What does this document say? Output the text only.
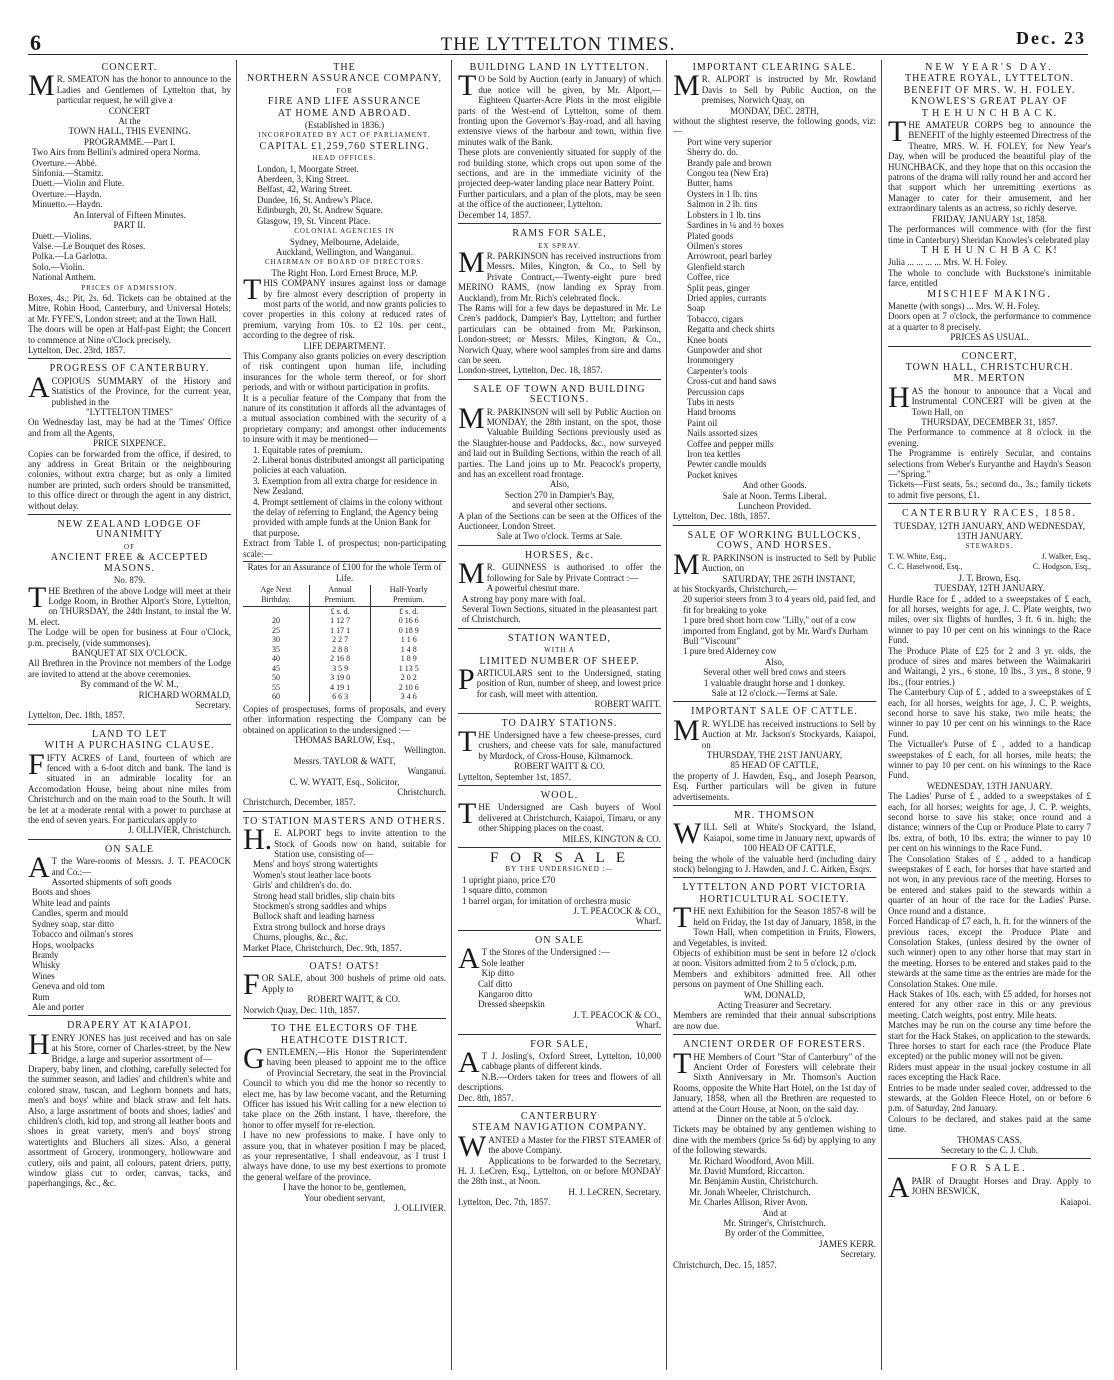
6	THE LYTTELTON TIMES.	Dec. 23
CONCERT.

MR. SMEATON has the honor to announce to the Ladies and Gentlemen of Lyttelton that, by particular request, he will give a

CONCERT
At the
TOWN HALL, THIS EVENING.
PROGRAMME.—Part I.
Two Airs from Bellini's admired opera Norma.
Overture.—Abbé.
Sinfonia.—Stamitz.
Duett.—Violin and Flute.
Overture.—Haydn.
Minuetto.—Haydn.
An Interval of Fifteen Minutes.
PART II.
Duett.—Violins.
Valse.—Le Bouquet des Roses.
Polka.—La Garlotta.
Solo.—Violin.
National Anthem.
PRICES OF ADMISSION.

Boxes, 4s.; Pit, 2s. 6d. Tickets can be obtained at the Mitre, Robin Hood, Canterbury, and Universal Hotels; at Mr. FYFE'S, London street; and at the Town Hall.

The doors will be open at Half-past Eight; the Concert to commence at Nine o'Clock precisely.

Lyttelton, Dec. 23rd, 1857.
PROGRESS OF CANTERBURY.

ACOPIOUS SUMMARY of the History and Statistics of the Province, for the current year, published in the

"LYTTELTON TIMES"

On Wednesday last, may be had at the 'Times' Office and from all the Agents,

PRICE SIXPENCE.

Copies can be forwarded from the office, if desired, to any address in Great Britain or the neighbouring colonies, without extra charge; but as only a limited number are printed, such orders should be transmitted, to this office direct or through the agent in any district, without delay.

NEW ZEALAND LODGE OF UNANIMITY
OF
ANCIENT FREE & ACCEPTED MASONS.
No. 879.

THE Brethren of the above Lodge will meet at their Lodge Room, in Brother Alport's Store, Lyttelton, on THURSDAY, the 24th Instant, to instal the W. M. elect.

The Lodge will be open for business at Four o'Clock, p.m. precisely, (vide summonses).

BANQUET AT SIX O'CLOCK.

All Brethren in the Province not members of the Lodge are invited to attend at the above ceremonies.

By command of the W. M.,
RICHARD WORMALD,
Secretary.
Lyttelton, Dec. 18th, 1857.
LAND TO LET
WITH A PURCHASING CLAUSE.

FIFTY ACRES of Land, fourteen of which are fenced with a 6-foot ditch and bank. The land is situated in an admirable locality for an Accomodation House, being about nine miles from Christchurch and on the main road to the South. It will be let at a moderate rental with a power to purchase at the end of seven years. For particulars apply to

J. OLLIVIER, Christchurch.
ON SALE

AT the Ware-rooms of Messrs. J. T. PEACOCK and Co.:—

Assorted shipments of soft goods
Boots and shoes
White lead and paints
Candles, sperm and mould
Sydney soap, star ditto
Tobacco and oilman's stores
Hops, woolpacks
Brandy
Whisky
Wines
Geneva and old tom
Rum
Ale and porter
DRAPERY AT KAIAPOI.

HENRY JONES has just received and has on sale at his Store, corner of Charles-street, by the New Bridge, a large and superior assortment of—

Drapery, baby linen, and clothing, carefully selected for the summer season, and ladies' and children's white and colored straw, tuscan, and Leghorn bonnets and hats, men's and boys' white and black straw and felt hats. Also, a large assortment of boots and shoes, ladies' and children's cloth, kid top, and strong all leather boots and shoes in great variety, men's and boys' strong watertights and Bluchers all sizes. Also, a general assortment of Grocery, ironmongery, hollowware and cutlery, oils and paint, all colours, patent driers, putty, window glass cut to order, canvas, tacks, and paperhangings, &c., &c.

THE
NORTHERN ASSURANCE COMPANY,
FOR
FIRE AND LIFE ASSURANCE
AT HOME AND ABROAD.
(Established in 1836.)
INCORPORATED BY ACT OF PARLIAMENT.
CAPITAL £1,259,760 STERLING.
HEAD OFFICES.
London, 1, Moorgate Street.
Aberdeen, 3, King Street.
Belfast, 42, Waring Street.
Dundee, 16, St. Andrew's Place.
Edinburgh, 20, St. Andrew Square.
Glasgow, 19, St. Vincent Place.
COLONIAL AGENCIES IN
Sydney, Melbourne, Adelaide,
Auckland, Wellington, and Wanganui.
CHAIRMAN OF BOARD OF DIRECTORS.
The Right Hon. Lord Ernest Bruce, M.P.

THIS COMPANY insures against loss or damage by fire almost every description of property in most parts of the world, and now grants policies to cover properties in this colony at reduced rates of premium, varying from 10s. to £2 10s. per cent., according to the degree of risk.

LIFE DEPARTMENT.

This Company also grants policies on every description of risk contingent upon human life, including insurances for the whole term thereof, or for short periods, and with or without participation in profits.

It is a peculiar feature of the Company that from the nature of its constitution it affords all the advantages of a mutual association combined with the security of a proprietary company; and amongst other inducements to insure with it may be mentioned—

1. Equitable rates of premium.
2. Liberal bonus distributed amongst all participating policies at each valuation.
3. Exemption from all extra charge for residence in New Zealand.
4. Prompt settlement of claims in the colony without the delay of referring to England, the Agency being provided with ample funds at the Union Bank for that purpose.

Extract from Table I. of prospectus; non-participating scale:—

Rates for an Assurance of £100 for the whole Term of Life.
Age Next Birthday.	Annual Premium.	Half-Yearly Premium.
	£ s. d.	£ s. d.
20	1 12 7	0 16 6
25	1 17 1	0 18 9
30	2 2 7	1 1 6
35	2 8 8	1 4 8
40	2 16 8	1 8 9
45	3 5 9	1 13 5
50	3 19 0	2 0 2
55	4 19 1	2 10 6
60	6 6 3	3 4 6

Copies of prospectuses, forms of proposals, and every other information respecting the Company can be obtained on application to the undersigned :—

THOMAS BARLOW, Esq.,
Wellington.
Messrs. TAYLOR & WATT,
Wanganui.
C. W. WYATT, Esq., Solicitor,
Christchurch.
Christchurch, December, 1857.
TO STATION MASTERS AND OTHERS.

H.E. ALPORT begs to invite attention to the Stock of Goods now on hand, suitable for Station use, consisting of—

Mens' and boys' strong watertights
Women's stout leather lace boots
Girls' and children's do. do.
Strong head stall bridles, slip chain bits
Stockmen's strong saddles and whips
Bullock shaft and leading harness
Extra strong bullock and horse drays
Churns, ploughs, &c., &c.
Market Place, Christchurch, Dec. 9th, 1857.
OATS! OATS!

FOR SALE, about 300 bushels of prime old oats. Apply to

ROBERT WAITT, & CO.
Norwich Quay, Dec. 11th, 1857.
TO THE ELECTORS OF THE
HEATHCOTE DISTRICT.

GENTLEMEN,—His Honor the Superintendent having been pleased to appoint me to the office of Provincial Secretary, the seat in the Provincial Council to which you did me the honor so recently to elect me, has by law become vacant, and the Returning Officer has issued his Writ calling for a new election to take place on the 26th instant. I have, therefore, the honor to offer myself for re-election.

I have no new professions to make. I have only to assure you, that in whatever position I may be placed, as your representative, I shall endeavour, as I trust I always have done, to use my best exertions to promote the general welfare of the province.

I have the honor to be, gentlemen,
Your obedient servant,
J. OLLIVIER.
BUILDING LAND IN LYTTELTON.

TO be Sold by Auction (early in January) of which due notice will be given, by Mr. Alport,—Eighteen Quarter-Acre Plots in the most eligible parts of the West-end of Lyttelton, some of them fronting upon the Governor's Bay-road, and all having extensive views of the harbour and town, within five minutes walk of the Bank.

These plots are conveniently situated for supply of the rod building stone, which crops out upon some of the sections, and are in the immediate vicinity of the projected deep-water landing place near Battery Point.

Further particulars, and a plan of the plots, may be seen at the office of the auctioneer, Lyttelton.

December 14, 1857.
RAMS FOR SALE,
EX SPRAY.

MR. PARKINSON has received instructions from Messrs. Miles, Kington, & Co., to Sell by Private Contract,—Twenty-eight pure bred MERINO RAMS, (now landing ex Spray from Auckland), from Mr. Rich's celebrated flock.

The Rams will for a few days be depastured in Mr. Le Cren's paddock, Dampier's Bay, Lyttelton; and further particulars can be obtained from Mr. Parkinson, London-street; or Messrs. Miles, Kington, & Co., Norwich Quay, where wool samples from sire and dams can be seen.

London-street, Lyttelton, Dec. 18, 1857.
SALE OF TOWN AND BUILDING SECTIONS.

MR. PARKINSON will sell by Public Auction on MONDAY, the 28th instant, on the spot, those Valuable Building Sections previously used as the Slaughter-house and Paddocks, &c., now surveyed and laid out in Building Sections, within the reach of all parties. The Land joins up to Mr. Peacock's property, and has an excellent road frontage.

Also,
Section 270 in Dampier's Bay,
and several other sections.

A plan of the Sections can be seen at the Offices of the Auctioneer, London Street.

Sale at Two o'clock. Terms at Sale.
HORSES, &c.

MR. GUINNESS is authorised to offer the following for Sale by Private Contract :—

A powerful chesnut mare.
A strong bay pony mare with foal.
Several Town Sections, situated in the pleasantest part of Christchurch.
STATION WANTED,
WITH A
LIMITED NUMBER OF SHEEP.

PARTICULARS sent to the Undersigned, stating position of Run, number of sheep, and lowest price for cash, will meet with attention.

ROBERT WAITT.
TO DAIRY STATIONS.

THE Undersigned have a few cheese-presses, curd crushers, and cheese vats for sale, manufactured by Murdock, of Cross-House, Kilmarnock.

ROBERT WAITT & CO.
Lyttelton, September 1st, 1857.
WOOL.

THE Undersigned are Cash buyers of Wool delivered at Christchurch, Kaiapoi, Timaru, or any other Shipping places on the coast.

MILES, KINGTON & CO.
F O R S A L E
BY THE UNDERSIGNED :—
1 upright piano, price £70
1 square ditto, common
1 barrel organ, for imitation of orchestra music
J. T. PEACOCK & CO.,
Wharf.
ON SALE

AT the Stores of the Undersigned :—

Sole leather
Kip ditto
Calf ditto
Kangaroo ditto
Dressed sheepskin
J. T. PEACOCK & CO.,
Wharf.
FOR SALE,

AT J. Josling's, Oxford Street, Lyttelton, 10,000 cabbage plants of different kinds.

N.B.—Orders taken for trees and flowers of all descriptions.

Dec. 8th, 1857.
CANTERBURY
STEAM NAVIGATION COMPANY.

WANTED a Master for the FIRST STEAMER of the above Company.

Applications to be forwarded to the Secretary, H. J. LeCren, Esq., Lyttelton, on or before MONDAY the 28th inst., at Noon.

H. J. LeCREN, Secretary.
Lyttelton, Dec. 7th, 1857.
IMPORTANT CLEARING SALE.

MR. ALPORT is instructed by Mr. Rowland Davis to Sell by Public Auction, on the premises, Norwich Quay, on

MONDAY, DEC. 28TH,

without the slightest reserve, the following goods, viz:—

Port wine very superior
Sherry do. do.
Brandy pale and brown
Congou tea (New Era)
Butter, hams
Oysters in 1 lb. tins
Salmon in 2 lb. tins
Lobsters in 1 lb. tins
Sardines in ¼ and ½ boxes
Plated goods
Oilmen's stores
Arrowroot, pearl barley
Glenfield starch
Coffee, rice
Split peas, ginger
Dried apples, currants
Soap
Tobacco, cigars
Regatta and check shirts
Knee boots
Gunpowder and shot
Ironmongery
Carpenter's tools
Cross-cut and hand saws
Percussion caps
Tubs in nests
Hand brooms
Paint oil
Nails assorted sizes
Coffee and pepper mills
Iron tea kettles
Pewter candle moulds
Pocket knives
And other Goods.
Sale at Noon. Terms Liberal.
Luncheon Provided.
Lyttelton, Dec. 18th, 1857.
SALE OF WORKING BULLOCKS, COWS, AND HORSES.

MR. PARKINSON is instructed to Sell by Public Auction, on

SATURDAY, THE 26TH INSTANT,
at his Stockyards, Christchurch,—
20 superior steers from 3 to 4 years old, paid fed, and fit for breaking to yoke
1 pure bred short horn cow "Lilly," out of a cow imported from England, got by Mr. Ward's Durham Bull "Viscount"
1 pure bred Alderney cow
Also,
Several other well bred cows and steers
1 valuable draught horse and 1 donkey.
Sale at 12 o'clock.—Terms at Sale.
IMPORTANT SALE OF CATTLE.

MR. WYLDE has received instructions to Sell by Auction at Mr. Jackson's Stockyards, Kaiapoi, on

THURSDAY, THE 21ST JANUARY,
85 HEAD OF CATTLE,

the property of J. Hawden, Esq., and Joseph Pearson, Esq. Further particulars will be given in future advertisements.

MR. THOMSON

WILL Sell at White's Stockyard, the Island, Kaiapoi, some time in January next, upwards of

100 HEAD OF CATTLE,

being the whole of the valuable herd (including dairy stock) belonging to J. Hawden, and J. C. Aitken, Esqrs.

LYTTELTON AND PORT VICTORIA
HORTICULTURAL SOCIETY.

THE next Exhibition for the Season 1857-8 will be held on Friday, the 1st day of January, 1858, in the Town Hall, when competition in Fruits, Flowers, and Vegetables, is invited.

Objects of exhibition must be sent in before 12 o'clock at noon. Visitors admitted from 2 to 5 o'clock, p.m.

Members and exhibitors admitted free. All other persons on payment of One Shilling each.

WM. DONALD,
Acting Treasurer and Secretary.

Members are reminded that their annual subscriptions are now due.

ANCIENT ORDER OF FORESTERS.

THE Members of Court "Star of Canterbury" of the Ancient Order of Foresters will celebrate their Sixth Anniversary in Mr. Thomson's Auction Rooms, opposite the White Hart Hotel, on the 1st day of January, 1858, when all the Brethren are requested to attend at the Court House, at Noon, on the said day.

Dinner on the table at 5 o'clock.

Tickets may be obtained by any gentlemen wishing to dine with the members (price 5s 6d) by applying to any of the following stewards.

Mr. Richard Woodford, Avon Mill.
Mr. David Mumford, Riccarton.
Mr. Benjamin Austin, Christchurch.
Mr. Jonah Wheeler, Christchurch.
Mr. Charles Allison, River Avon.
And at
Mr. Stringer's, Christchurch.
By order of the Committee,
JAMES KERR.
Secretary.
Christchurch, Dec. 15, 1857.
NEW YEAR'S DAY.
THEATRE ROYAL, LYTTELTON.
BENEFIT OF MRS. W. H. FOLEY.
KNOWLES'S GREAT PLAY OF
T H E H U N C H B A C K.

THE AMATEUR CORPS beg to announce the BENEFIT of the highly esteemed Directress of the Theatre, MRS. W. H. FOLEY, for New Year's Day, when will be produced the beautiful play of the HUNCHBACK, and they hope that on this occasion the patrons of the drama will rally round her and accord her that support which her unremitting exertions as Manager to cater for their amusement, and her extraordinary talents as an actress, so richly deserve.

FRIDAY, JANUARY 1st, 1858.

The performances will commence with (for the first time in Canterbury) Sheridan Knowles's celebrated play

T H E H U N C H B A C K!
Julia ... ... ... ... Mrs. W. H. Foley.

The whole to conclude with Buckstone's inimitable farce, entitled

MISCHIEF MAKING.
Manette (with songs) ... Mrs. W. H. Foley.

Doors open at 7 o'clock, the performance to commence at a quarter to 8 precisely.

PRICES AS USUAL.
CONCERT,
TOWN HALL, CHRISTCHURCH.
MR. MERTON

HAS the honour to announce that a Vocal and Instrumental CONCERT will be given at the Town Hall, on

THURSDAY, DECEMBER 31, 1857.

The Performance to commence at 8 o'clock in the evening.

The Programme is entirely Secular, and contains selections from Weber's Euryanthe and Haydn's Season—"Spring."

Tickets—First seats, 5s.; second do., 3s.; family tickets to admit five persons, £1.

CANTERBURY RACES, 1858.
TUESDAY, 12TH JANUARY, AND WEDNESDAY, 13TH JANUARY.
STEWARDS.
T. W. White, Esq.,	J. Walker, Esq.,
C. C. Haselwood, Esq.,	C. Hodgson, Esq.,
J. T. Brown, Esq.
TUESDAY, 12TH JANUARY.

Hurdle Race for £ , added to a sweepstakes of £ each, for all horses, weights for age, J. C. Plate weights, two miles, over six flights of hurdles, 3 ft. 6 in. high; the winner to pay 10 per cent on his winnings to the Race Fund.

The Produce Plate of £25 for 2 and 3 yr. olds, the produce of sires and mares between the Waimakariri and Waitangi, 2 yrs., 6 stone, 10 lbs., 3 yrs., 8 stone, 9 lbs., (four entries.)

The Canterbury Cup of £ , added to a sweepstakes of £ each, for all horses, weights for age, J. C. P. weights, second horse to save his stake, two mile heats; the winner to pay 10 per cent on his winnings to the Race Fund.

The Victualler's Purse of £ , added to a handicap sweepstakes of £ each, for all horses, mile heats; the winner to pay 10 per cent. on his winnings to the Race Fund.

WEDNESDAY, 13TH JANUARY.

The Ladies' Purse of £ , added to a sweepstakes of £ each, for all horses; weights for age, J. C. P. weights, second horse to save his stake; once round and a distance; winners of the Cup or Produce Plate to carry 7 lbs. extra, of both, 10 lbs. extra; the winner to pay 10 per cent on his winnings to the Race Fund.

The Consolation Stakes of £ , added to a handicap sweepstakes of £ each, for horses that have started and not won, in any previous race of the meeting. Horses to be entered and stakes paid to the stewards within a quarter of an hour of the race for the Ladies' Purse. Once round and a distance.

Forced Handicap of £7 each, h. ft. for the winners of the previous races, except the Produce Plate and Consolation Stakes, (unless desired by the owner of such winner) open to any other horse that may start in the meeting. Horses to be entered and stakes paid to the stewards at the same time as the entries are made for the Consolation Stakes. One mile.

Hack Stakes of 10s. each, with £5 added, for horses not entered for any other race in this or any previous meeting. Catch weights, post entry. Mile heats.

Matches may be run on the course any time before the start for the Hack Stakes, on application to the stewards.

Three horses to start for each race (the Produce Plate excepted) or the public money will not be given.

Riders must appear in the usual jockey costume in all races excepting the Hack Race.

Entries to be made under sealed cover, addressed to the stewards, at the Golden Fleece Hotel, on or before 6 p.m. of Saturday, 2nd January.

Colours to be declared, and stakes paid at the same time.

THOMAS CASS,
Secretary to the C. J. Club.
FOR SALE.

APAIR of Draught Horses and Dray. Apply to JOHN BESWICK,

Kaiapoi.
